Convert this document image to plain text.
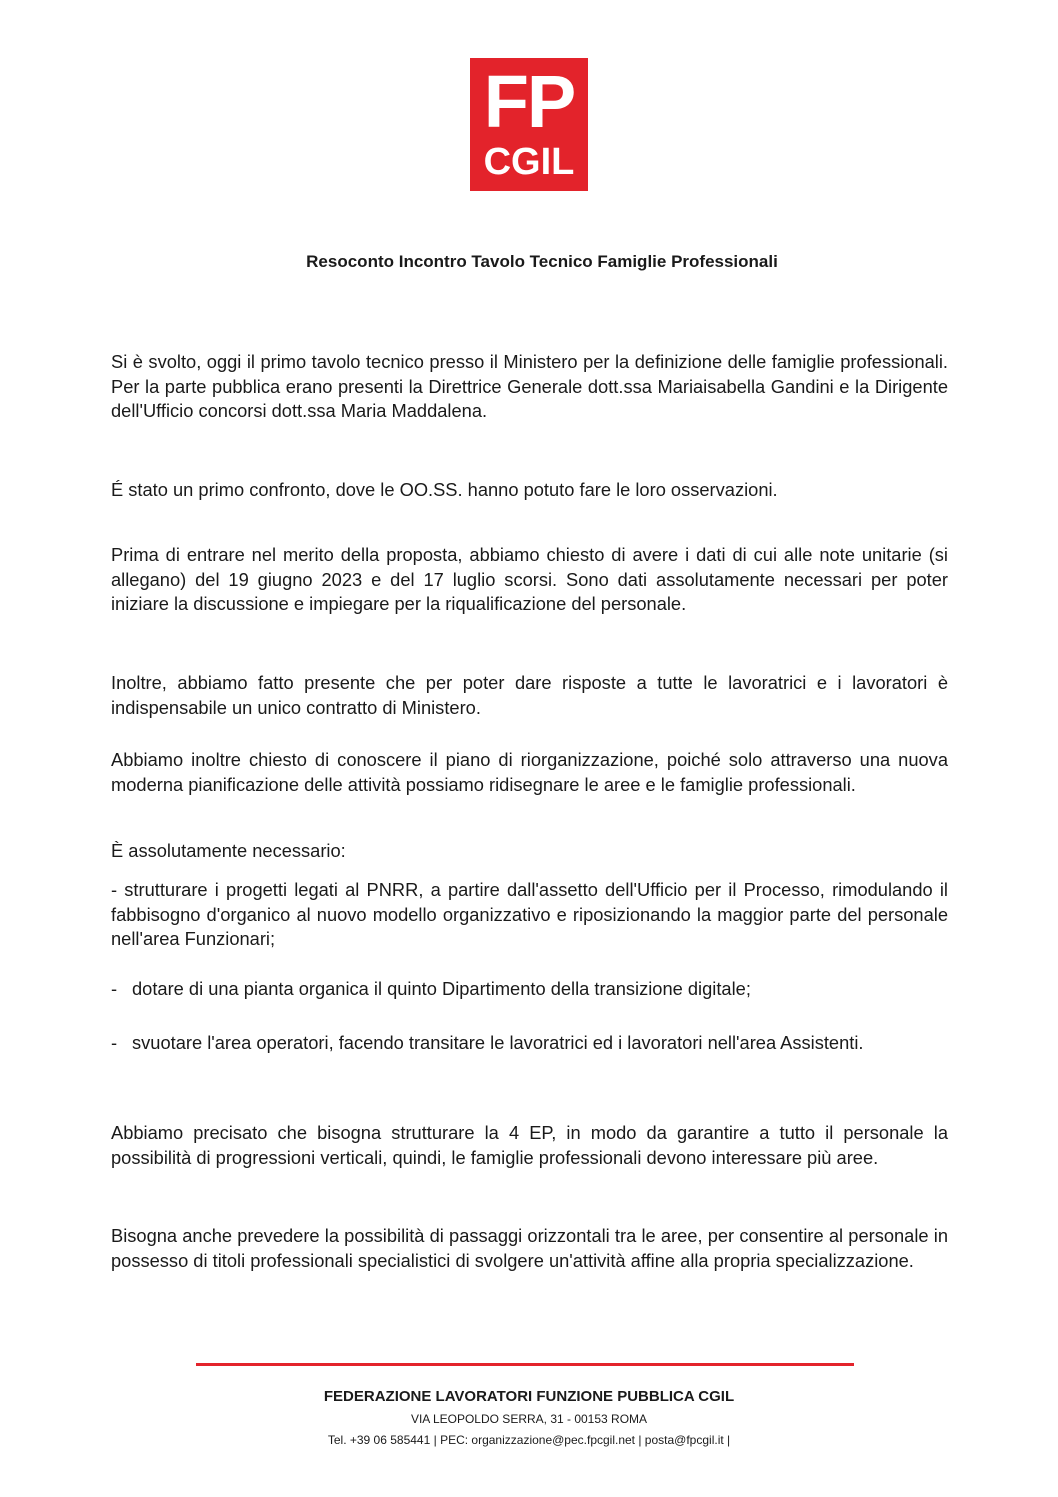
FP
CGIL
Resoconto Incontro Tavolo Tecnico Famiglie Professionali

Si è svolto, oggi il primo tavolo tecnico presso il Ministero per la definizione delle famiglie professionali. Per la parte pubblica erano presenti la Direttrice Generale dott.ssa Mariaisabella Gandini e la Dirigente dell'Ufficio concorsi dott.ssa Maria Maddalena.

É stato un primo confronto, dove le OO.SS. hanno potuto fare le loro osservazioni.

Prima di entrare nel merito della proposta, abbiamo chiesto di avere i dati di cui alle note unitarie (si allegano) del 19 giugno 2023 e del 17 luglio scorsi. Sono dati assolutamente necessari per poter iniziare la discussione e impiegare per la riqualificazione del personale.

Inoltre, abbiamo fatto presente che per poter dare risposte a tutte le lavoratrici e i lavoratori è indispensabile un unico contratto di Ministero.

Abbiamo inoltre chiesto di conoscere il piano di riorganizzazione, poiché solo attraverso una nuova moderna pianificazione delle attività possiamo ridisegnare le aree e le famiglie professionali.

È assolutamente necessario:

- strutturare i progetti legati al PNRR, a partire dall'assetto dell'Ufficio per il Processo, rimodulando il fabbisogno d'organico al nuovo modello organizzativo e riposizionando la maggior parte del personale nell'area Funzionari;

- dotare di una pianta organica il quinto Dipartimento della transizione digitale;
- svuotare l'area operatori, facendo transitare le lavoratrici ed i lavoratori nell'area Assistenti.

Abbiamo precisato che bisogna strutturare la 4 EP, in modo da garantire a tutto il personale la possibilità di progressioni verticali, quindi, le famiglie professionali devono interessare più aree.

Bisogna anche prevedere la possibilità di passaggi orizzontali tra le aree, per consentire al personale in possesso di titoli professionali specialistici di svolgere un'attività affine alla propria specializzazione.

FEDERAZIONE LAVORATORI FUNZIONE PUBBLICA CGIL
VIA LEOPOLDO SERRA, 31 - 00153 ROMA
Tel. +39 06 585441 | PEC: organizzazione@pec.fpcgil.net | posta@fpcgil.it |
